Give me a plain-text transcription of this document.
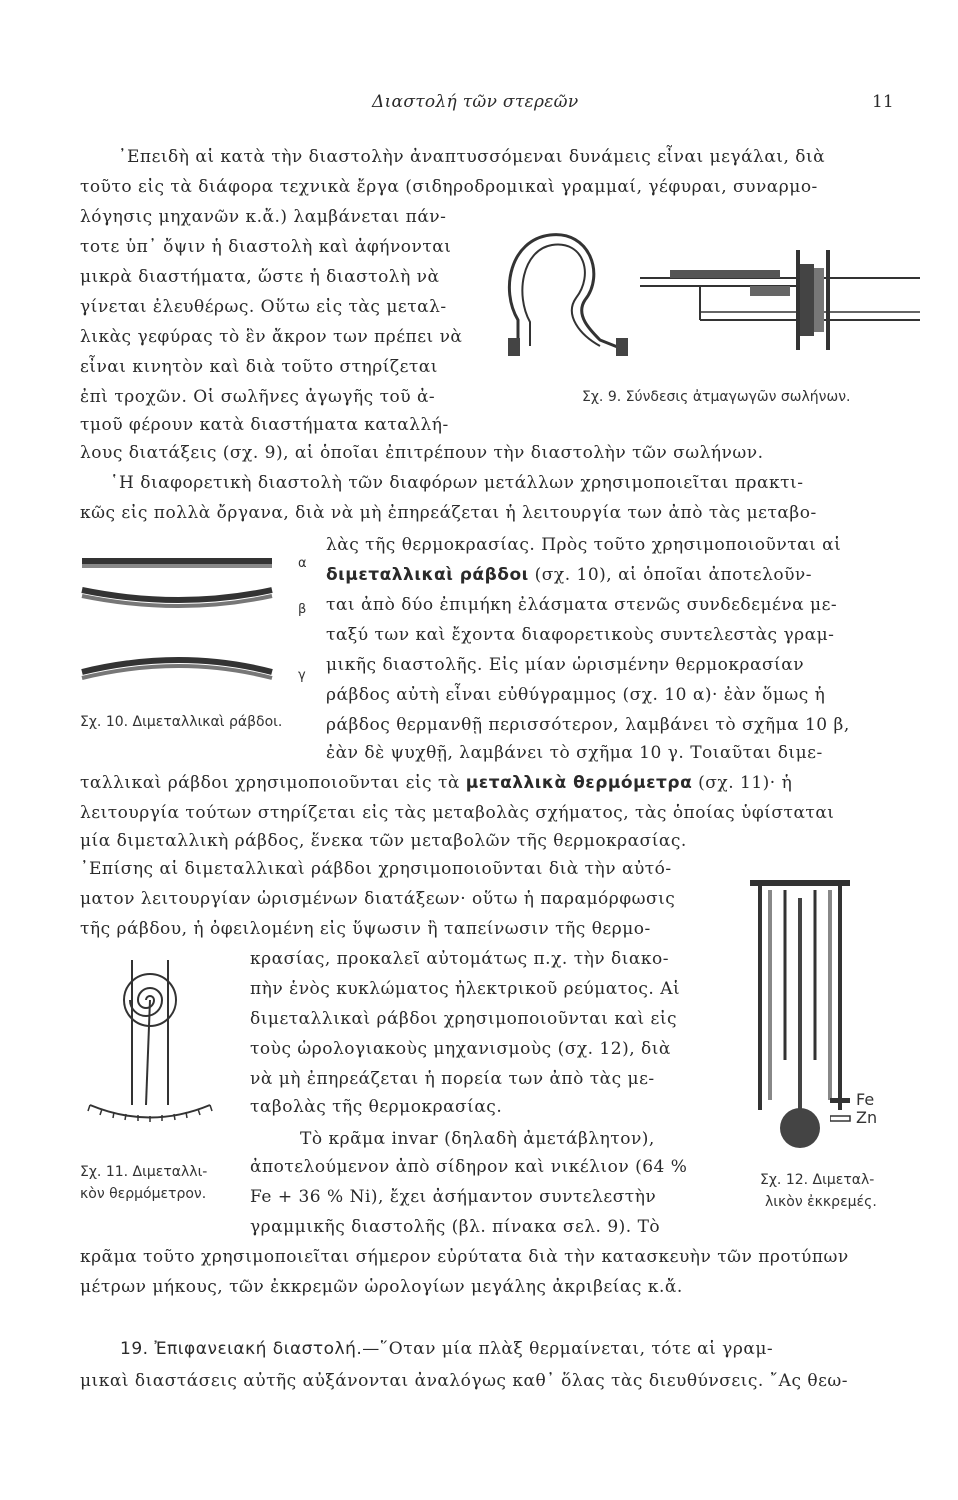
Διαστολή τῶν στερεῶν	11
᾿Επειδὴ αἱ κατὰ τὴν διαστολὴν ἀναπτυσσόμεναι δυνάμεις εἶναι μεγάλαι, διὰ
τοῦτο εἰς τὰ διάφορα τεχνικὰ ἔργα (σιδηροδρομικαὶ γραμμαί, γέφυραι, συναρμο-
λόγησις μηχανῶν κ.ἄ.) λαμβάνεται πάν-
τοτε ὑπ᾿ ὄψιν ἡ διαστολὴ καὶ ἀφήνονται
μικρὰ διαστήματα, ὥστε ἡ διαστολὴ νὰ
γίνεται ἐλευθέρως. Οὕτω εἰς τὰς μεταλ-
λικὰς γεφύρας τὸ ἓν ἄκρον των πρέπει νὰ
εἶναι κινητὸν καὶ διὰ τοῦτο στηρίζεται
ἐπὶ τροχῶν. Οἱ σωλῆνες ἀγωγῆς τοῦ ἀ-
τμοῦ φέρουν κατὰ διαστήματα καταλλή-
λους διατάξεις (σχ. 9), αἱ ὁποῖαι ἐπιτρέπουν τὴν διαστολὴν τῶν σωλήνων.
Σχ. 9. Σύνδεσις ἀτμαγωγῶν σωλήνων.
῾Η διαφορετικὴ διαστολὴ τῶν διαφόρων μετάλλων χρησιμοποιεῖται πρακτι-
κῶς εἰς πολλὰ ὄργανα, διὰ νὰ μὴ ἐπηρεάζεται ἡ λειτουργία των ἀπὸ τὰς μεταβο-
λὰς τῆς θερμοκρασίας. Πρὸς τοῦτο χρησιμοποιοῦνται αἱ
διμεταλλικαὶ ράβδοι (σχ. 10), αἱ ὁποῖαι ἀποτελοῦν-
ται ἀπὸ δύο ἐπιμήκη ἐλάσματα στενῶς συνδεδεμένα με-
ταξύ των καὶ ἔχοντα διαφορετικοὺς συντελεστὰς γραμ-
μικῆς διαστολῆς. Εἰς μίαν ὡρισμένην θερμοκρασίαν
ράβδος αὐτὴ εἶναι εὐθύγραμμος (σχ. 10 α)· ἐὰν ὅμως ἡ
ράβδος θερμανθῇ περισσότερον, λαμβάνει τὸ σχῆμα 10 β,
ἐὰν δὲ ψυχθῇ, λαμβάνει τὸ σχῆμα 10 γ. Τοιαῦται διμε-
ταλλικαὶ ράβδοι χρησιμοποιοῦνται εἰς τὰ μεταλλικὰ θερμόμετρα (σχ. 11)· ἡ
λειτουργία τούτων στηρίζεται εἰς τὰς μεταβολὰς σχήματος, τὰς ὁποίας ὑφίσταται
μία διμεταλλικὴ ράβδος, ἕνεκα τῶν μεταβολῶν τῆς θερμοκρασίας.
α
β
γ
Σχ. 10. Διμεταλλικαὶ ράβδοι.
᾿Επίσης αἱ διμεταλλικαὶ ράβδοι χρησιμοποιοῦνται διὰ τὴν αὐτό-
ματον λειτουργίαν ὡρισμένων διατάξεων· οὕτω ἡ παραμόρφωσις
τῆς ράβδου, ἡ ὀφειλομένη εἰς ὕψωσιν ἢ ταπείνωσιν τῆς θερμο-
κρασίας, προκαλεῖ αὐτομάτως π.χ. τὴν διακο-
πὴν ἑνὸς κυκλώματος ἠλεκτρικοῦ ρεύματος. Αἱ
διμεταλλικαὶ ράβδοι χρησιμοποιοῦνται καὶ εἰς
τοὺς ὡρολογιακοὺς μηχανισμοὺς (σχ. 12), διὰ
νὰ μὴ ἐπηρεάζεται ἡ πορεία των ἀπὸ τὰς με-
ταβολὰς τῆς θερμοκρασίας.
Τὸ κρᾶμα invar (δηλαδὴ ἀμετάβλητον),
ἀποτελούμενον ἀπὸ σίδηρον καὶ νικέλιον (64 %
Fe + 36 % Ni), ἔχει ἀσήμαντον συντελεστὴν
γραμμικῆς διαστολῆς (βλ. πίνακα σελ. 9). Τὸ
κρᾶμα τοῦτο χρησιμοποιεῖται σήμερον εὐρύτατα διὰ τὴν κατασκευὴν τῶν προτύπων
μέτρων μήκους, τῶν ἐκκρεμῶν ὡρολογίων μεγάλης ἀκριβείας κ.ἄ.
Σχ. 11. Διμεταλλι-
κὸν θερμόμετρον.
Fe
Zn
Σχ. 12. Διμεταλ-
λικὸν ἐκκρεμές.
19. Ἐπιφανειακή διαστολή.—῞Οταν μία πλὰξ θερμαίνεται, τότε αἱ γραμ-
μικαὶ διαστάσεις αὐτῆς αὐξάνονται ἀναλόγως καθ᾿ ὅλας τὰς διευθύνσεις. ῎Ας θεω-
